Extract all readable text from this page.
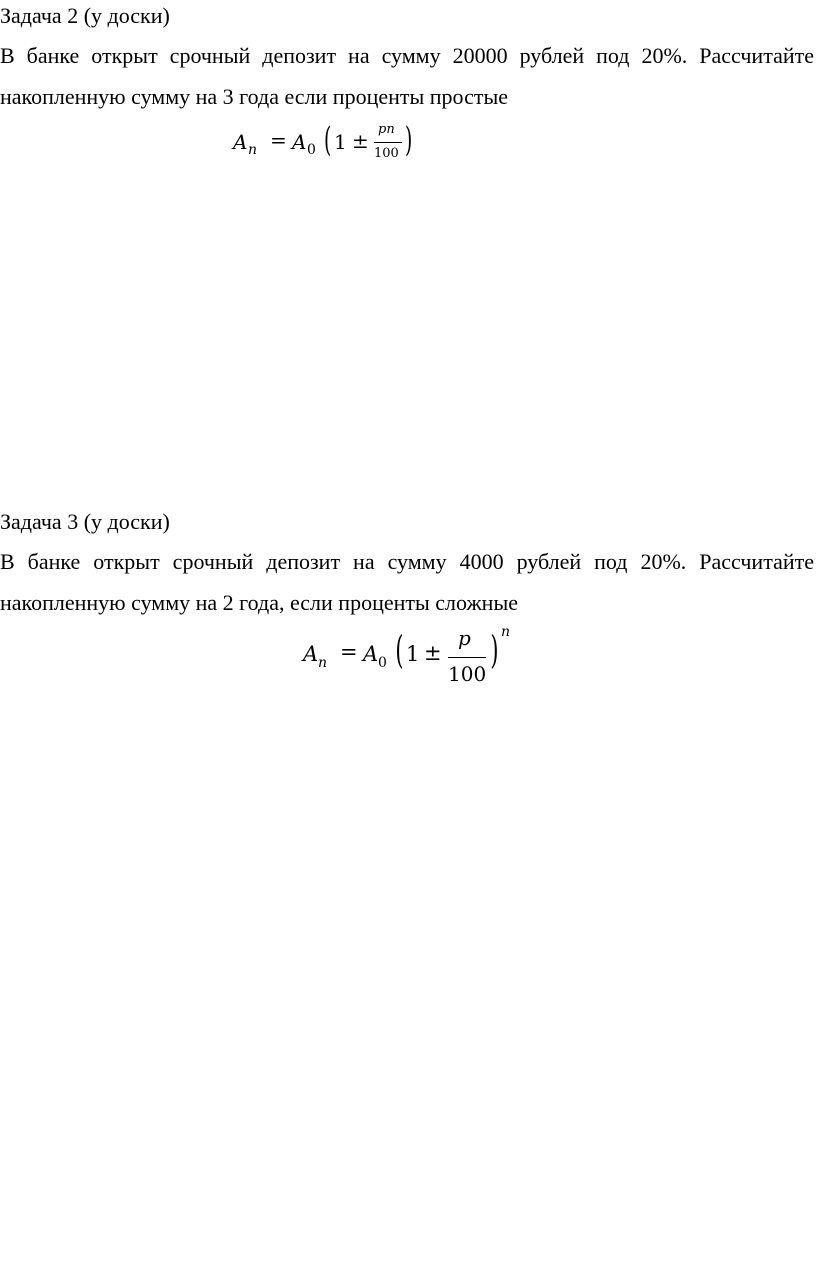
Задача 2 (у доски)
В банке открыт срочный депозит на сумму 20000 рублей под 20%. Рассчитайте
накопленную сумму на 3 года если проценты простые
A n = A 0 ( 1 ± pn
100 )
Задача 3 (у доски)
В банке открыт срочный депозит на сумму 4000 рублей под 20%. Рассчитайте
накопленную сумму на 2 года, если проценты сложные
A n = A 0 ( 1 ±
p
100
) n
